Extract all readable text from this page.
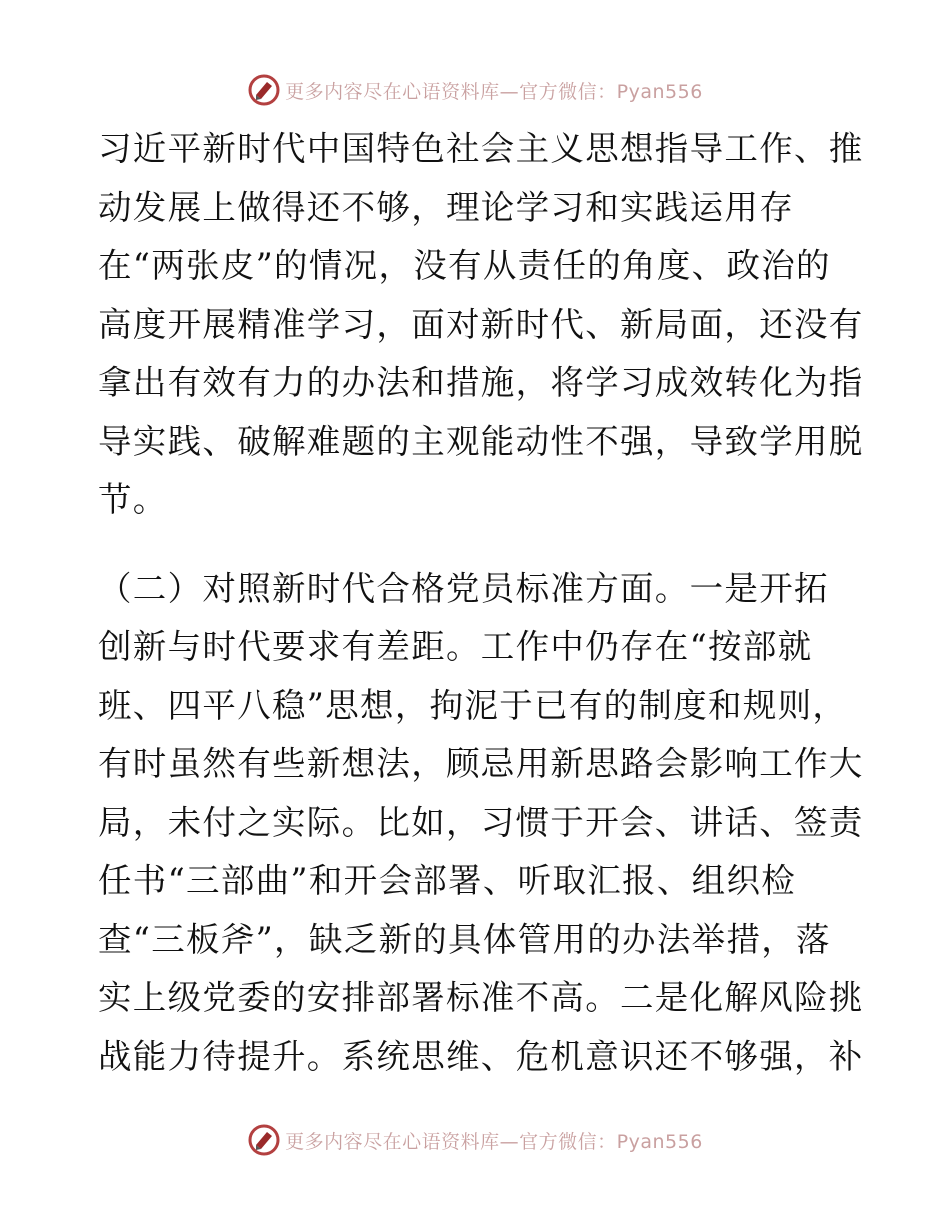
更多内容尽在心语资料库—官方微信：Pyan556
习近平新时代中国特色社会主义思想指导工作、推
动发展上做得还不够，理论学习和实践运用存
在“两张皮”的情况，没有从责任的角度、政治的
高度开展精准学习，面对新时代、新局面，还没有
拿出有效有力的办法和措施，将学习成效转化为指
导实践、破解难题的主观能动性不强，导致学用脱
节。
（二）对照新时代合格党员标准方面。一是开拓
创新与时代要求有差距。工作中仍存在“按部就
班、四平八稳”思想，拘泥于已有的制度和规则，
有时虽然有些新想法，顾忌用新思路会影响工作大
局，未付之实际。比如，习惯于开会、讲话、签责
任书“三部曲”和开会部署、听取汇报、组织检
查“三板斧”，缺乏新的具体管用的办法举措，落
实上级党委的安排部署标准不高。二是化解风险挑
战能力待提升。系统思维、危机意识还不够强，补
更多内容尽在心语资料库—官方微信：Pyan556
